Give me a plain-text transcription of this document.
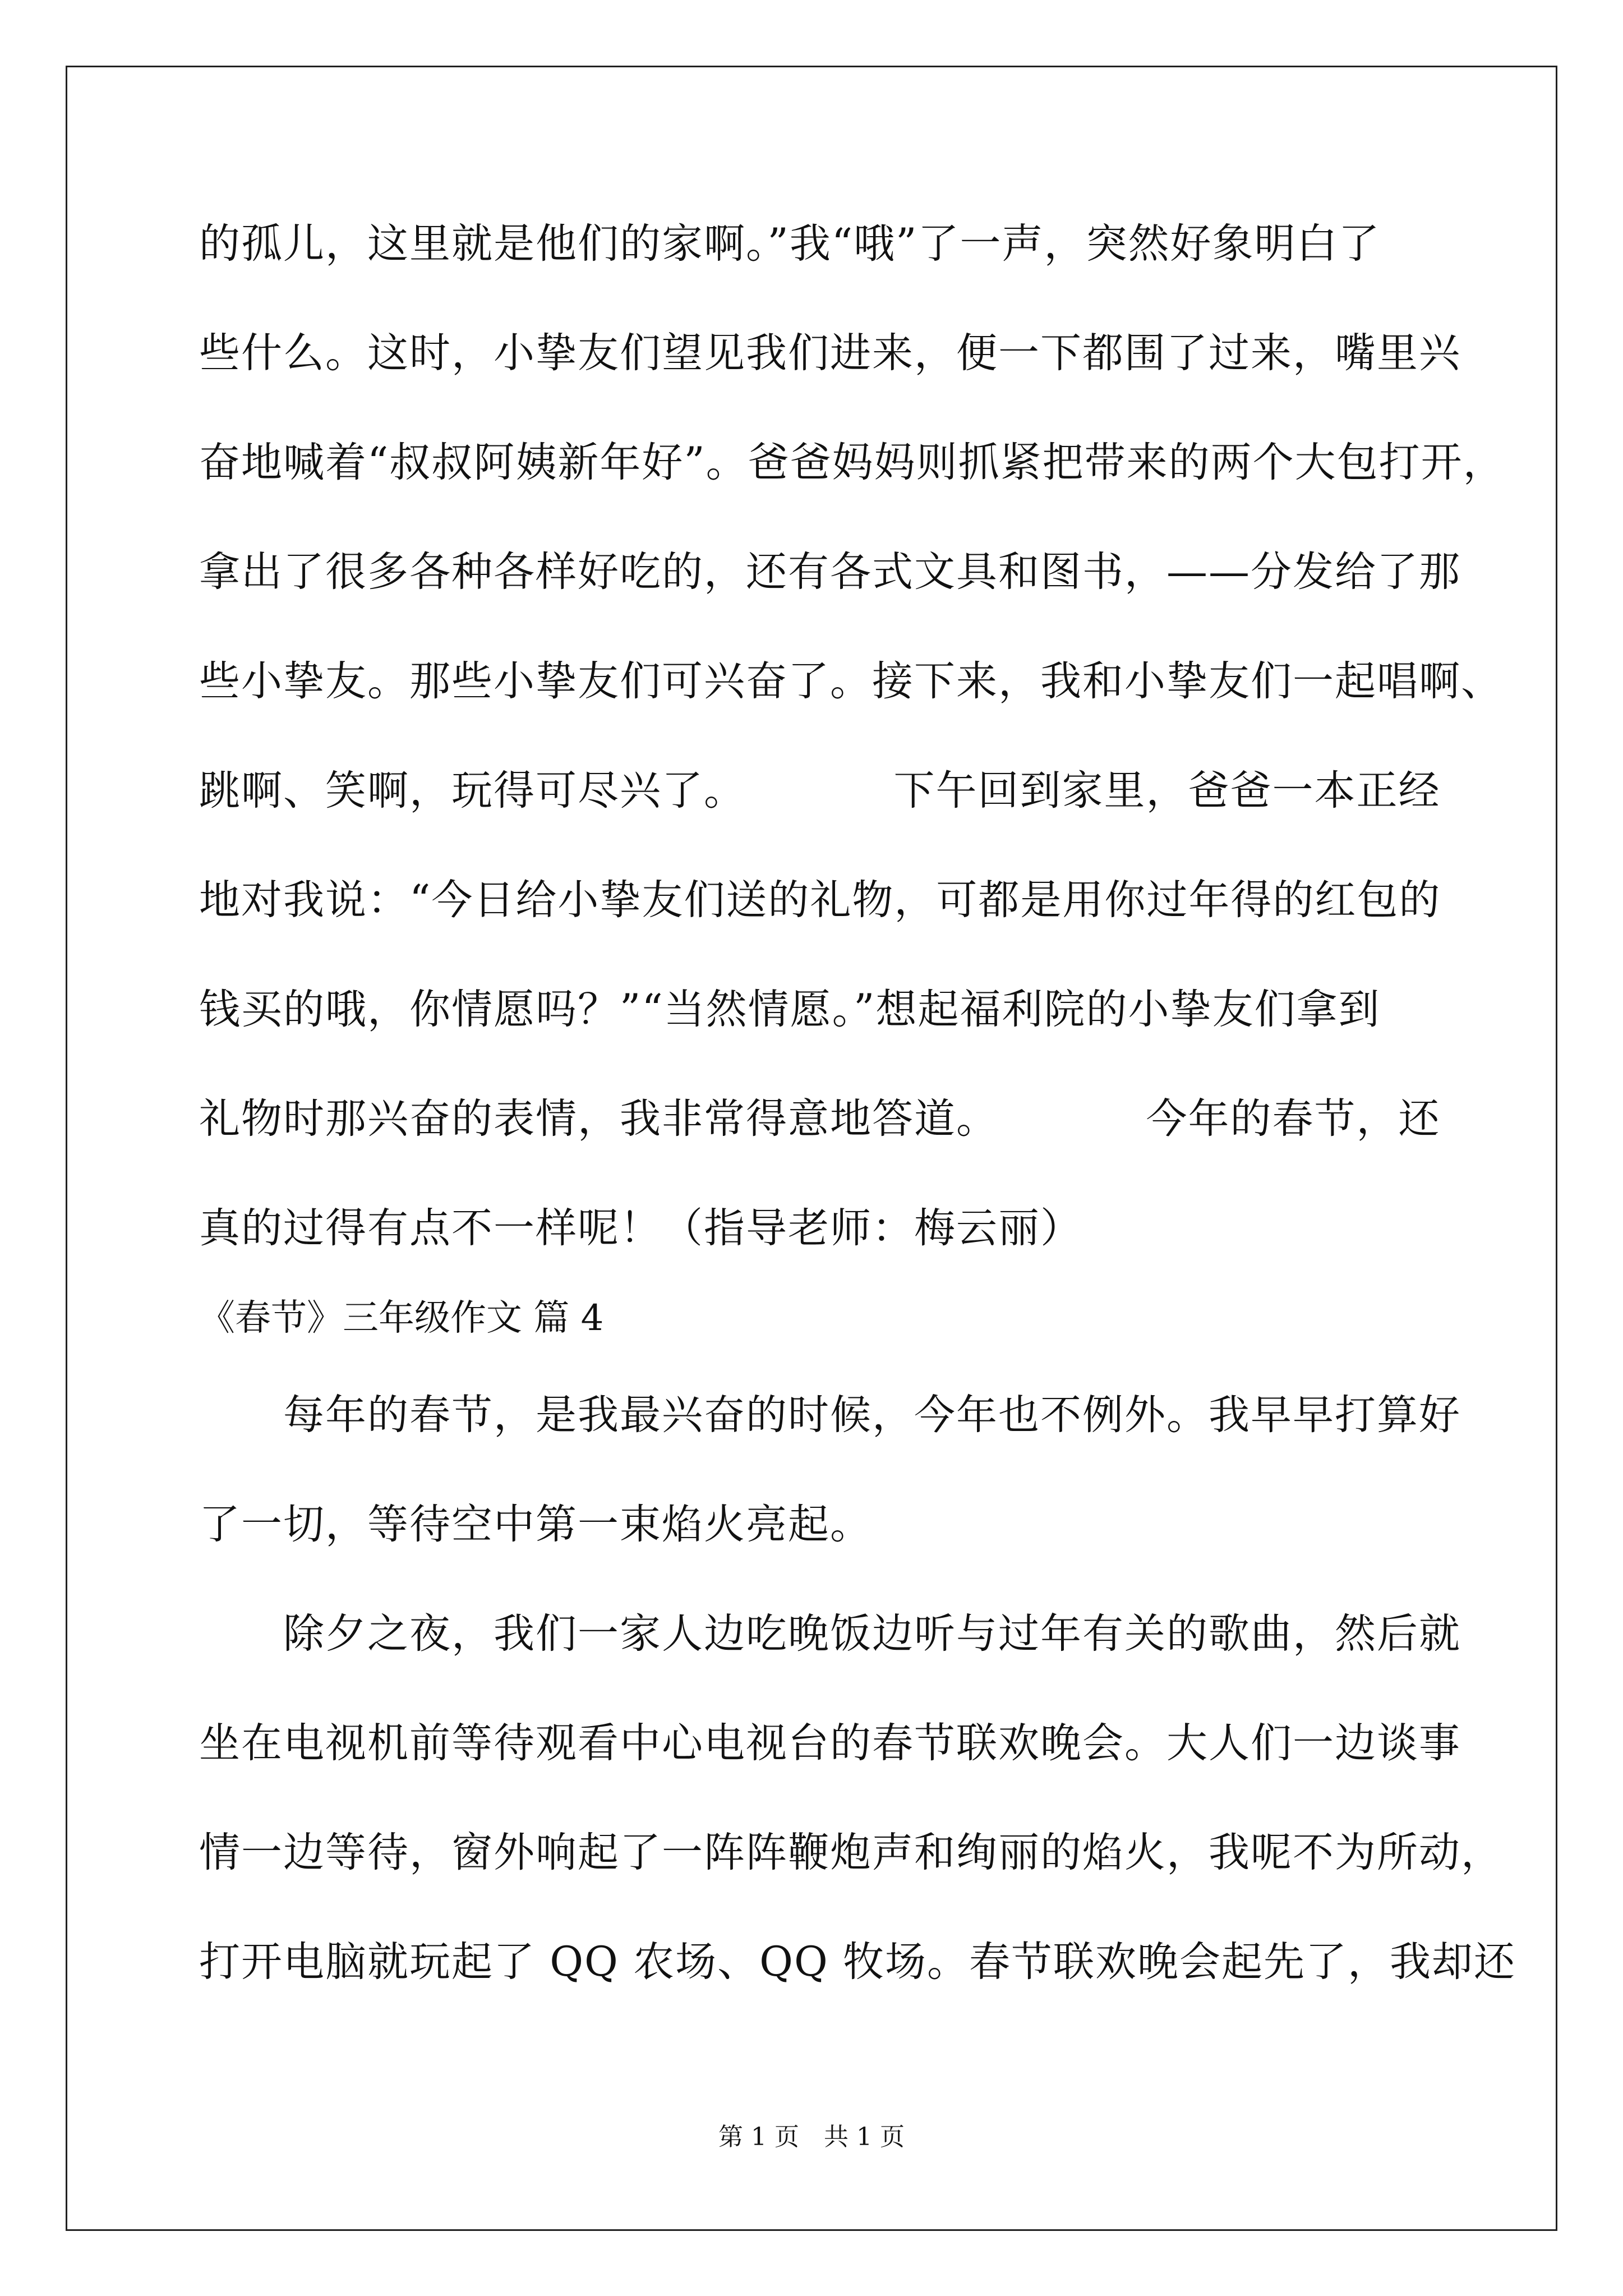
的孤儿，这里就是他们的家啊。”我“哦”了一声，突然好象明白了
些什么。这时，小挚友们望见我们进来，便一下都围了过来，嘴里兴
奋地喊着“叔叔阿姨新年好”。爸爸妈妈则抓紧把带来的两个大包打开，
拿出了很多各种各样好吃的，还有各式文具和图书，——分发给了那
些小挚友。那些小挚友们可兴奋了。接下来，我和小挚友们一起唱啊、
跳啊、笑啊，玩得可尽兴了。　　　　下午回到家里，爸爸一本正经
地对我说：“今日给小挚友们送的礼物，可都是用你过年得的红包的
钱买的哦，你情愿吗？”“当然情愿。”想起福利院的小挚友们拿到
礼物时那兴奋的表情，我非常得意地答道。　　　　今年的春节，还
真的过得有点不一样呢！（指导老师：梅云丽）
《春节》三年级作文 篇 4
　　每年的春节，是我最兴奋的时候，今年也不例外。我早早打算好
了一切，等待空中第一束焰火亮起。
　　除夕之夜，我们一家人边吃晚饭边听与过年有关的歌曲，然后就
坐在电视机前等待观看中心电视台的春节联欢晚会。大人们一边谈事
情一边等待，窗外响起了一阵阵鞭炮声和绚丽的焰火，我呢不为所动，
打开电脑就玩起了 QQ 农场、QQ 牧场。春节联欢晚会起先了，我却还
第 1 页　共 1 页
